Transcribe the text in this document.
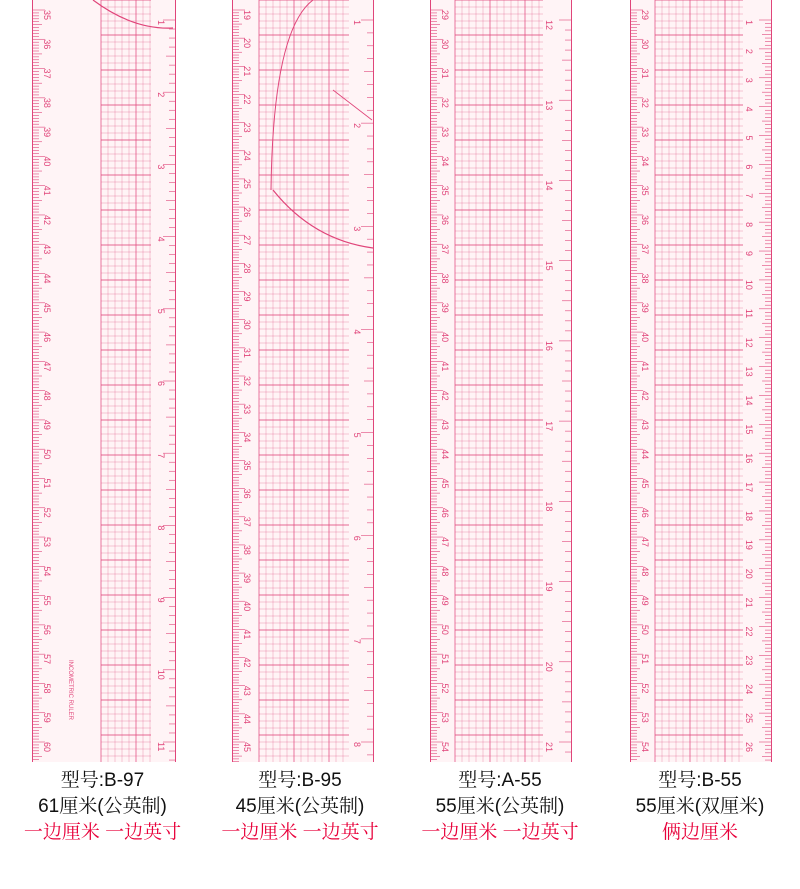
35
36
37
38
39
40
41
42
43
44
45
46
47
48
49
50
51
52
53
54
55
56
57
58
59
60
1
2
3
4
5
6
7
8
9
10
11
INCOMETRIC RULER
19
20
21
22
23
24
25
26
27
28
29
30
31
32
33
34
35
36
37
38
39
40
41
42
43
44
45
1
2
3
4
5
6
7
8
29
30
31
32
33
34
35
36
37
38
39
40
41
42
43
44
45
46
47
48
49
50
51
52
53
54
12
13
14
15
16
17
18
19
20
21
29
30
31
32
33
34
35
36
37
38
39
40
41
42
43
44
45
46
47
48
49
50
51
52
53
54
1
2
3
4
5
6
7
8
9
10
11
12
13
14
15
16
17
18
19
20
21
22
23
24
25
26
型号:B-97
61厘米(公英制)
一边厘米 一边英寸
型号:B-95
45厘米(公英制)
一边厘米 一边英寸
型号:A-55
55厘米(公英制)
一边厘米 一边英寸
型号:B-55
55厘米(双厘米)
俩边厘米
